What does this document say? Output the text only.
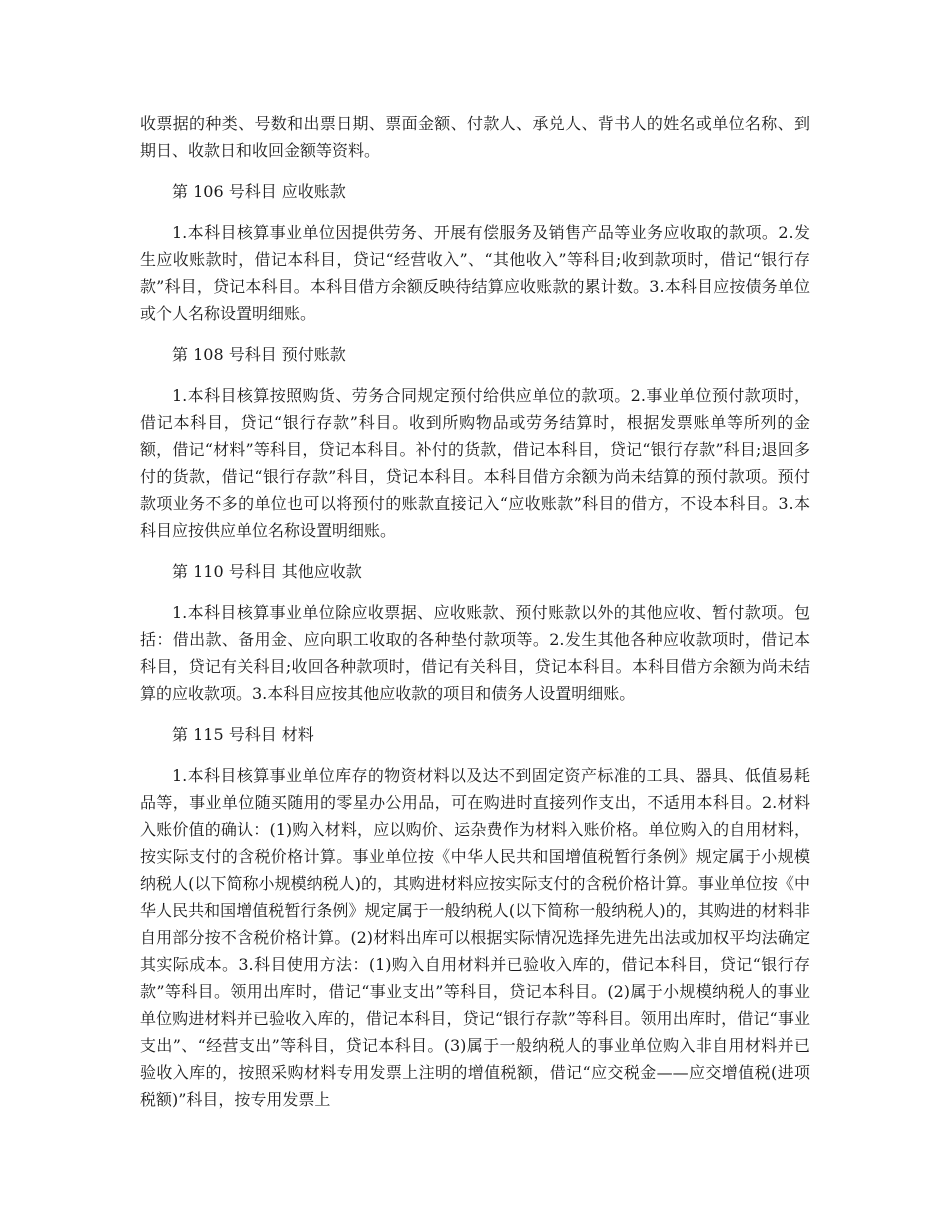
收票据的种类、号数和出票日期、票面金额、付款人、承兑人、背书人的姓名或单位名称、到期日、收款日和收回金额等资料。

第 106 号科目 应收账款

1.本科目核算事业单位因提供劳务、开展有偿服务及销售产品等业务应收取的款项。2.发生应收账款时，借记本科目，贷记“经营收入”、“其他收入”等科目;收到款项时，借记“银行存款”科目，贷记本科目。本科目借方余额反映待结算应收账款的累计数。3.本科目应按债务单位或个人名称设置明细账。

第 108 号科目 预付账款

1.本科目核算按照购货、劳务合同规定预付给供应单位的款项。2.事业单位预付款项时，借记本科目，贷记“银行存款”科目。收到所购物品或劳务结算时，根据发票账单等所列的金额，借记“材料”等科目，贷记本科目。补付的货款，借记本科目，贷记“银行存款”科目;退回多付的货款，借记“银行存款”科目，贷记本科目。本科目借方余额为尚未结算的预付款项。预付款项业务不多的单位也可以将预付的账款直接记入“应收账款”科目的借方，不设本科目。3.本科目应按供应单位名称设置明细账。

第 110 号科目 其他应收款

1.本科目核算事业单位除应收票据、应收账款、预付账款以外的其他应收、暂付款项。包括：借出款、备用金、应向职工收取的各种垫付款项等。2.发生其他各种应收款项时，借记本科目，贷记有关科目;收回各种款项时，借记有关科目，贷记本科目。本科目借方余额为尚未结算的应收款项。3.本科目应按其他应收款的项目和债务人设置明细账。

第 115 号科目 材料

1.本科目核算事业单位库存的物资材料以及达不到固定资产标准的工具、器具、低值易耗品等，事业单位随买随用的零星办公用品，可在购进时直接列作支出，不适用本科目。2.材料入账价值的确认：(1)购入材料，应以购价、运杂费作为材料入账价格。单位购入的自用材料，按实际支付的含税价格计算。事业单位按《中华人民共和国增值税暂行条例》规定属于小规模纳税人(以下简称小规模纳税人)的，其购进材料应按实际支付的含税价格计算。事业单位按《中华人民共和国增值税暂行条例》规定属于一般纳税人(以下简称一般纳税人)的，其购进的材料非自用部分按不含税价格计算。(2)材料出库可以根据实际情况选择先进先出法或加权平均法确定其实际成本。3.科目使用方法：(1)购入自用材料并已验收入库的，借记本科目，贷记“银行存款”等科目。领用出库时，借记“事业支出”等科目，贷记本科目。(2)属于小规模纳税人的事业单位购进材料并已验收入库的，借记本科目，贷记“银行存款”等科目。领用出库时，借记“事业支出”、“经营支出”等科目，贷记本科目。(3)属于一般纳税人的事业单位购入非自用材料并已验收入库的，按照采购材料专用发票上注明的增值税额，借记“应交税金——应交增值税(进项税额)”科目，按专用发票上
